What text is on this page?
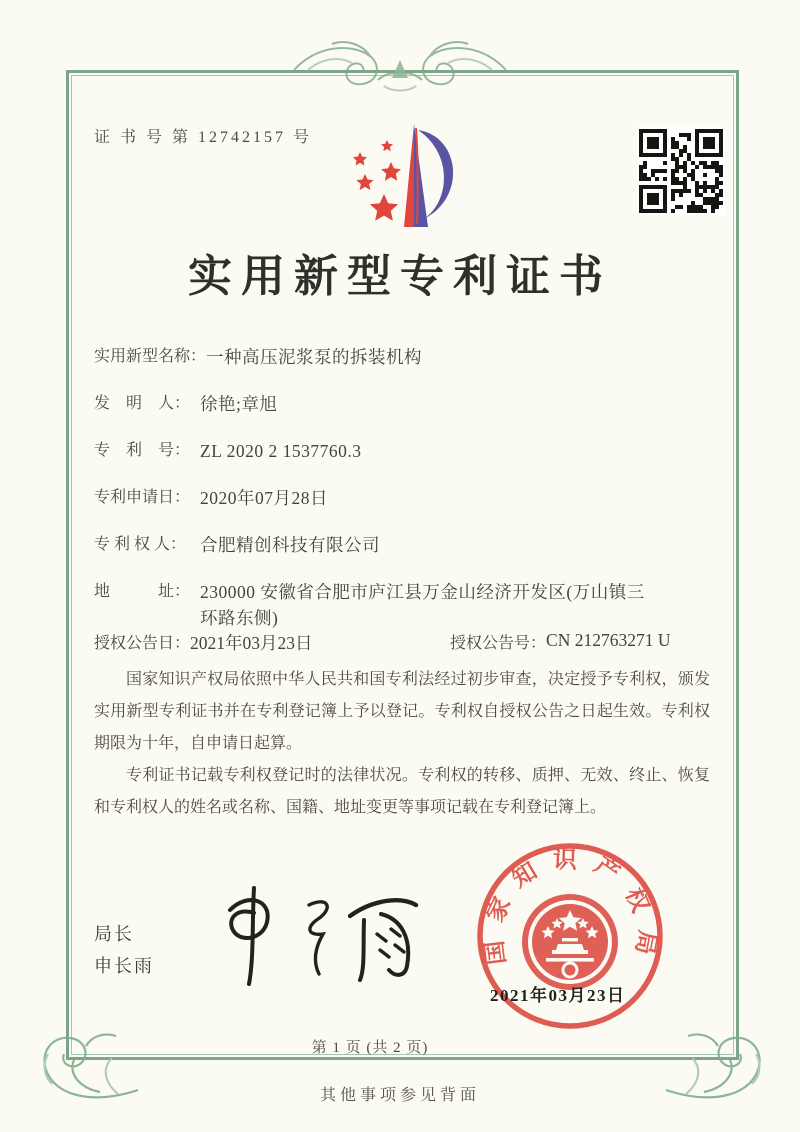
证 书 号 第 12742157 号
实用新型专利证书
实用新型名称： 一种高压泥浆泵的拆装机构
发　明　人： 徐艳;章旭
专　利　号： ZL 2020 2 1537760.3
专利申请日： 2020年07月28日
专 利 权 人： 合肥精创科技有限公司
地　　　址： 230000 安徽省合肥市庐江县万金山经济开发区(万山镇三环路东侧)
授权公告日： 2021年03月23日	授权公告号： CN 212763271 U

国家知识产权局依照中华人民共和国专利法经过初步审查，决定授予专利权，颁发实用新型专利证书并在专利登记簿上予以登记。专利权自授权公告之日起生效。专利权期限为十年，自申请日起算。

专利证书记载专利权登记时的法律状况。专利权的转移、质押、无效、终止、恢复和专利权人的姓名或名称、国籍、地址变更等事项记载在专利登记簿上。

局长
申长雨	国家知识产权局
2021年03月23日
第 1 页 (共 2 页)
其他事项参见背面
